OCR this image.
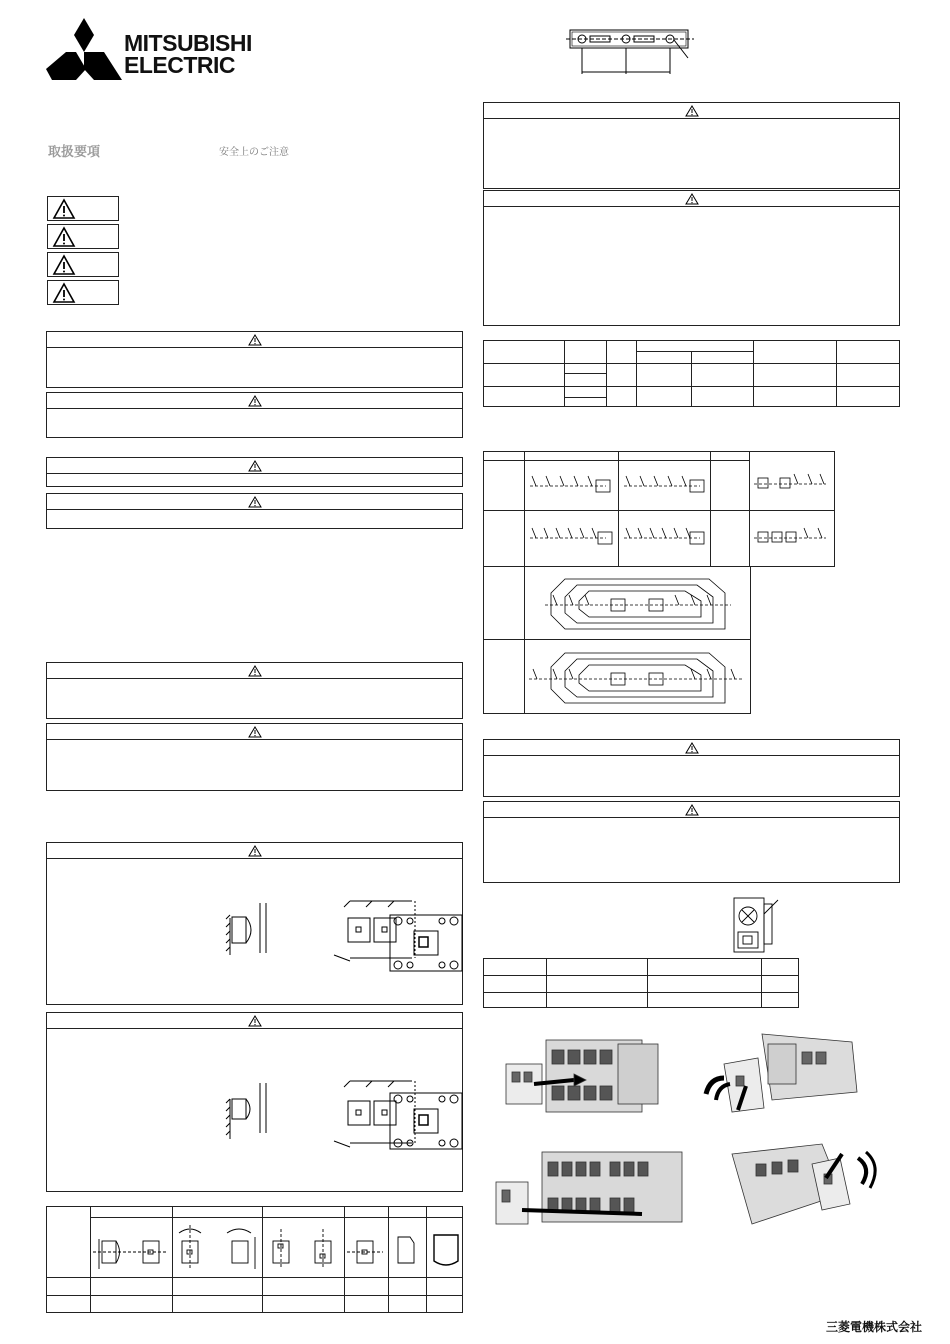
MITSUBISHI
ELECTRIC
取扱要項	安全上のご注意
三菱電機株式会社
